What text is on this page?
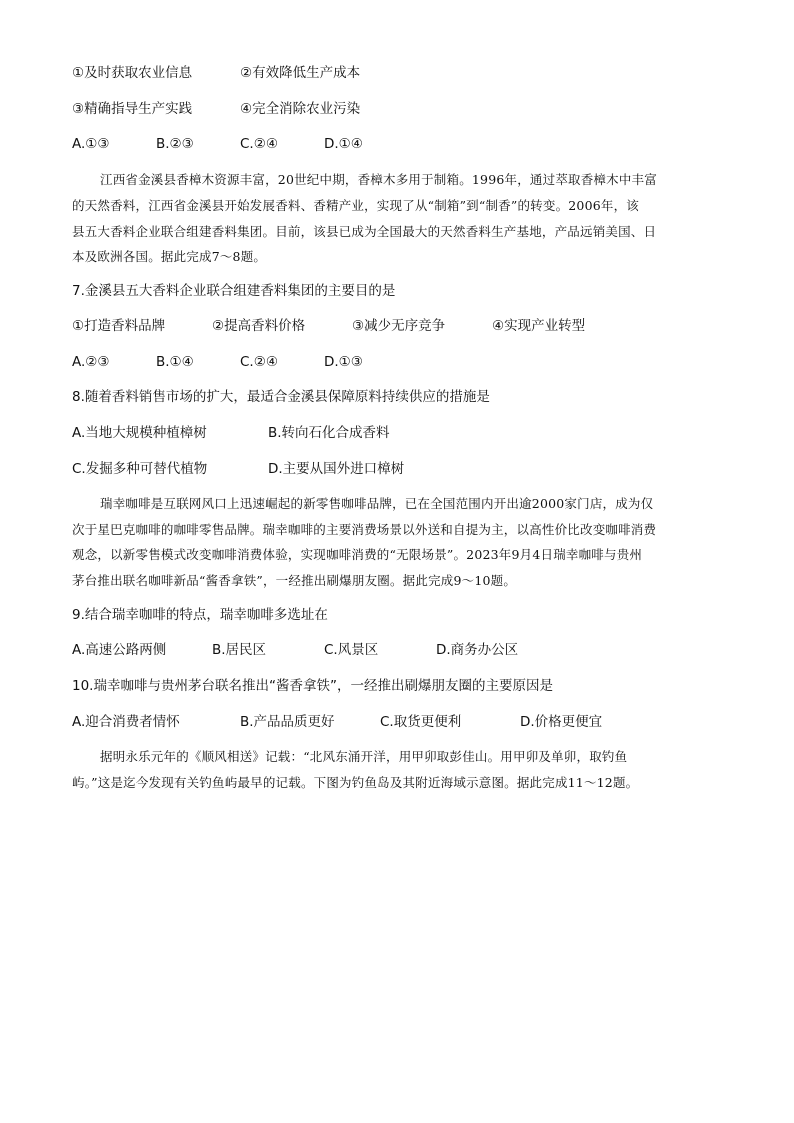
①及时获取农业信息	②有效降低生产成本
③精确指导生产实践	④完全消除农业污染
A.①③	B.②③	C.②④	D.①④
江西省金溪县香樟木资源丰富，20世纪中期，香樟木多用于制箱。1996年，通过萃取香樟木中丰富
的天然香料，江西省金溪县开始发展香料、香精产业，实现了从“制箱”到“制香”的转变。2006年，该
县五大香料企业联合组建香料集团。目前，该县已成为全国最大的天然香料生产基地，产品远销美国、日
本及欧洲各国。据此完成7～8题。
7.金溪县五大香料企业联合组建香料集团的主要目的是
①打造香料品牌	②提高香料价格	③减少无序竞争	④实现产业转型
A.②③	B.①④	C.②④	D.①③
8.随着香料销售市场的扩大，最适合金溪县保障原料持续供应的措施是
A.当地大规模种植樟树	B.转向石化合成香料
C.发掘多种可替代植物	D.主要从国外进口樟树
瑞幸咖啡是互联网风口上迅速崛起的新零售咖啡品牌，已在全国范围内开出逾2000家门店，成为仅
次于星巴克咖啡的咖啡零售品牌。瑞幸咖啡的主要消费场景以外送和自提为主，以高性价比改变咖啡消费
观念，以新零售模式改变咖啡消费体验，实现咖啡消费的“无限场景”。2023年9月4日瑞幸咖啡与贵州
茅台推出联名咖啡新品“酱香拿铁”，一经推出刷爆朋友圈。据此完成9～10题。
9.结合瑞幸咖啡的特点，瑞幸咖啡多选址在
A.高速公路两侧	B.居民区	C.风景区	D.商务办公区
10.瑞幸咖啡与贵州茅台联名推出“酱香拿铁”，一经推出刷爆朋友圈的主要原因是
A.迎合消费者情怀	B.产品品质更好	C.取货更便利	D.价格更便宜
据明永乐元年的《顺风相送》记载：“北风东涌开洋，用甲卯取彭佳山。用甲卯及单卯，取钓鱼
屿。”这是迄今发现有关钓鱼屿最早的记载。下图为钓鱼岛及其附近海域示意图。据此完成11～12题。
